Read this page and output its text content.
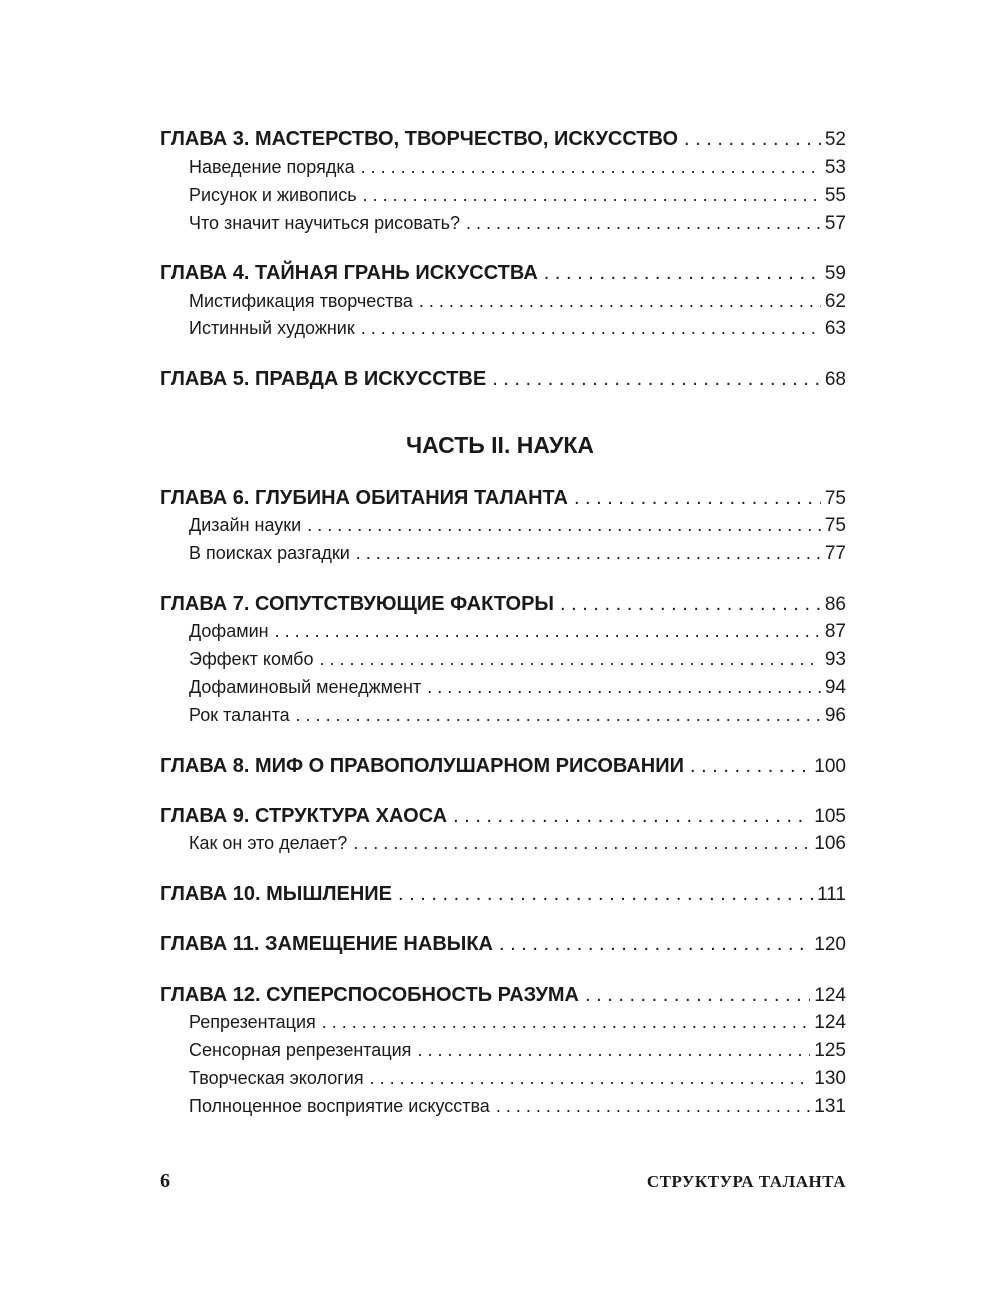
ГЛАВА 3. МАСТЕРСТВО, ТВОРЧЕСТВО, ИСКУССТВО . . .	52
Наведение порядка . . .	53
Рисунок и живопись . . .	55
Что значит научиться рисовать? . . .	57
ГЛАВА 4. ТАЙНАЯ ГРАНЬ ИСКУССТВА . . .	59
Мистификация творчества . . .	62
Истинный художник . . .	63
ГЛАВА 5. ПРАВДА В ИСКУССТВЕ . . .	68
ЧАСТЬ II. НАУКА
ГЛАВА 6. ГЛУБИНА ОБИТАНИЯ ТАЛАНТА . . .	75
Дизайн науки . . .	75
В поисках разгадки . . .	77
ГЛАВА 7. СОПУТСТВУЮЩИЕ ФАКТОРЫ . . .	86
Дофамин . . .	87
Эффект комбо . . .	93
Дофаминовый менеджмент . . .	94
Рок таланта . . .	96
ГЛАВА 8. МИФ О ПРАВОПОЛУШАРНОМ РИСОВАНИИ . . .	100
ГЛАВА 9. СТРУКТУРА ХАОСА . . .	105
Как он это делает? . . .	106
ГЛАВА 10. МЫШЛЕНИЕ . . .	111
ГЛАВА 11. ЗАМЕЩЕНИЕ НАВЫКА . . .	120
ГЛАВА 12. СУПЕРСПОСОБНОСТЬ РАЗУМА . . .	124
Репрезентация . . .	124
Сенсорная репрезентация . . .	125
Творческая экология . . .	130
Полноценное восприятие искусства . . .	131
6	СТРУКТУРА ТАЛАНТА
